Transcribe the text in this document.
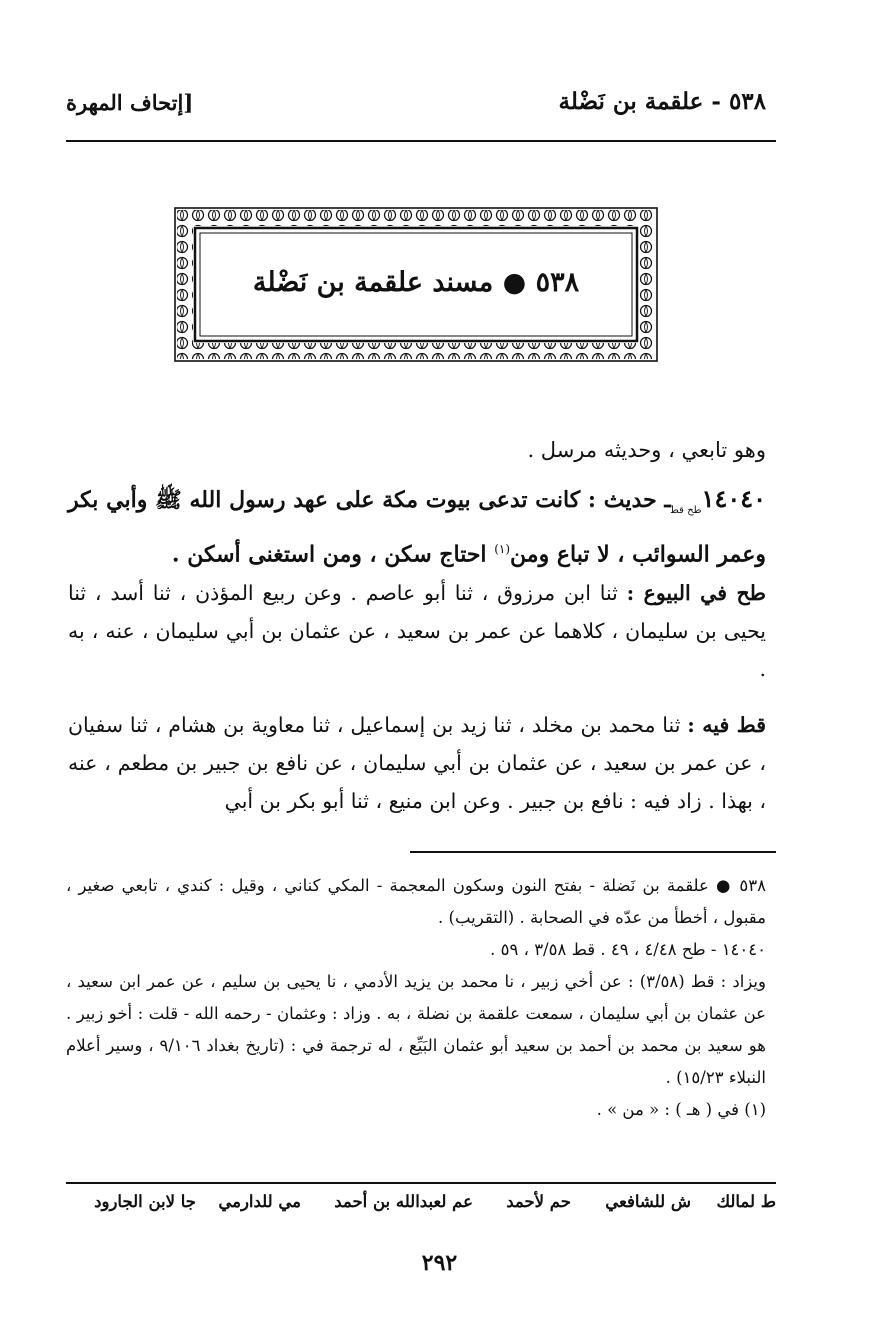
٥٣٨ - علقمة بن نَضْلة
[إتحاف المهرة
٥٣٨ ● مسند علقمة بن نَضْلة
وهو تابعي ، وحديثه مرسل .
$١٤٠٤٠_{طح قط}ـ$ حديث : كانت تدعى بيوت مكة على عهد رسول الله ﷺ وأبي بكر وعمر السوائب ، لا تباع ومن$^{(١)}$ احتاج سكن ، ومن استغنى أسكن .
طح في البيوع : ثنا ابن مرزوق ، ثنا أبو عاصم . وعن ربيع المؤذن ، ثنا أسد ، ثنا يحيى بن سليمان ، كلاهما عن عمر بن سعيد ، عن عثمان بن أبي سليمان ، عنه ، به .
قط فيه : ثنا محمد بن مخلد ، ثنا زيد بن إسماعيل ، ثنا معاوية بن هشام ، ثنا سفيان ، عن عمر بن سعيد ، عن عثمان بن أبي سليمان ، عن نافع بن جبير بن مطعم ، عنه ، بهذا . زاد فيه : نافع بن جبير . وعن ابن منيع ، ثنا أبو بكر بن أبي
٥٣٨ ● علقمة بن نَضلة - بفتح النون وسكون المعجمة - المكي كناني ، وقيل : كندي ، تابعي صغير ، مقبول ، أخطأ من عدّه في الصحابة . (التقريب) .
١٤٠٤٠ - طح ٤/٤٨ ، ٤٩ . قط ٣/٥٨ ، ٥٩ .
ويزاد : قط (٣/٥٨) : عن أخي زبير ، نا محمد بن يزيد الأدمي ، نا يحيى بن سليم ، عن عمر ابن سعيد ، عن عثمان بن أبي سليمان ، سمعت علقمة بن نضلة ، به . وزاد : وعثمان - رحمه الله - قلت : أخو زبير . هو سعيد بن محمد بن أحمد بن سعيد أبو عثمان البَيِّع ، له ترجمة في : (تاريخ بغداد ٩/١٠٦ ، وسير أعلام النبلاء ١٥/٢٣) .
(١) في ( هـ ) : « من » .
ط لمالك
ش للشافعي
حم لأحمد
عم لعبدالله بن أحمد
مي للدارمي
جا لابن الجارود
٢٩٢
